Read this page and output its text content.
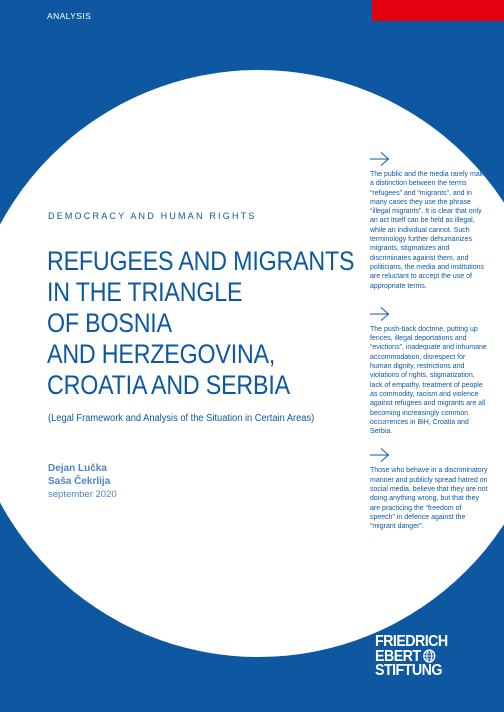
ANALYSIS
DEMOCRACY AND HUMAN RIGHTS
REFUGEES AND MIGRANTS
IN THE TRIANGLE
OF BOSNIA
AND HERZEGOVINA,
CROATIA AND SERBIA
(Legal Framework and Analysis of the Situation in Certain Areas)
Dejan Lučka
Saša Čekrlija
september 2020
The public and the media rarely make a distinction between the terms “refugees” and “migrants”, and in many cases they use the phrase “illegal migrants”. It is clear that only an act itself can be held as illegal, while an individual cannot. Such terminology further dehumanizes migrants, stigmatizes and discriminates against them, and politicians, the media and institutions are reluctant to accept the use of appropriate terms.
The push-back doctrine, putting up fences, illegal deportations and “evictions”, inadequate and inhumane accommodation, disrespect for human dignity, restrictions and violations of rights, stigmatization, lack of empathy, treatment of people as commodity, racism and violence against refugees and migrants are all becoming increasingly common occurrences in BiH, Croatia and Serbia.
Those who behave in a discriminatory manner and publicly spread hatred on social media, believe that they are not doing anything wrong, but that they are practicing the “freedom of speech” in defence against the “migrant danger”.
FRIEDRICH
EBERT
STIFTUNG
